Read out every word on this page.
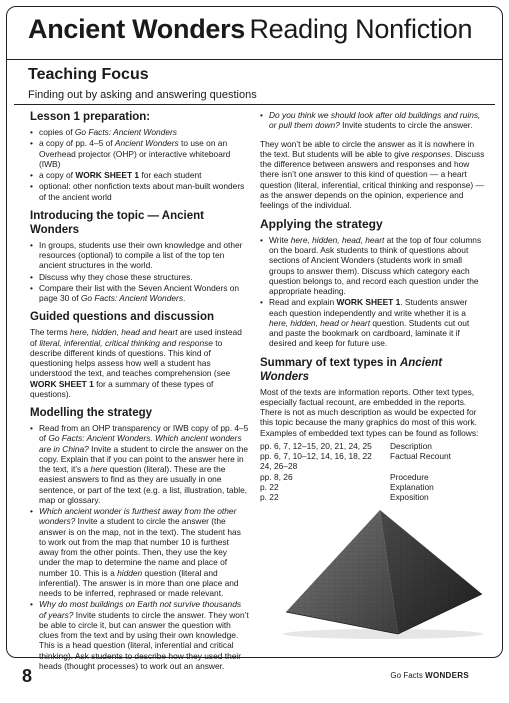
Ancient Wonders Reading Nonfiction
Teaching Focus
Finding out by asking and answering questions
Lesson 1 preparation:
• copies of Go Facts: Ancient Wonders
• a copy of pp. 4–5 of Ancient Wonders to use on an Overhead projector (OHP) or interactive whiteboard (IWB)
• a copy of WORK SHEET 1 for each student
• optional: other nonfiction texts about man-built wonders of the ancient world
Introducing the topic — Ancient Wonders
• In groups, students use their own knowledge and other resources (optional) to compile a list of the top ten ancient structures in the world.
• Discuss why they chose these structures.
• Compare their list with the Seven Ancient Wonders on page 30 of Go Facts: Ancient Wonders.
Guided questions and discussion

The terms here, hidden, head and heart are used instead of literal, inferential, critical thinking and response to describe different kinds of questions. This kind of questioning helps assess how well a student has understood the text, and teaches comprehension (see WORK SHEET 1 for a summary of these types of questions).

Modelling the strategy
• Read from an OHP transparency or IWB copy of pp. 4–5 of Go Facts: Ancient Wonders. Which ancient wonders are in China? Invite a student to circle the answer on the copy. Explain that if you can point to the answer here in the text, it’s a here question (literal). These are the easiest answers to find as they are usually in one sentence, or part of the text (e.g. a list, illustration, table, map or glossary.
• Which ancient wonder is furthest away from the other wonders? Invite a student to circle the answer (the answer is on the map, not in the text). The student has to work out from the map that number 10 is furthest away from the other points. Then, they use the key under the map to determine the name and place of number 10. This is a hidden question (literal and inferential). The answer is in more than one place and needs to be inferred, rephrased or made relevant.
• Why do most buildings on Earth not survive thousands of years? Invite students to circle the answer. They won’t be able to circle it, but can answer the question with clues from the text and by using their own knowledge. This is a head question (literal, inferential and critical thinking). Ask students to describe how they used their heads (thought processes) to work out an answer.
• Do you think we should look after old buildings and ruins, or pull them down? Invite students to circle the answer.

They won’t be able to circle the answer as it is nowhere in the text. But students will be able to give responses. Discuss the difference between answers and responses and how there isn’t one answer to this kind of question — a heart question (literal, inferential, critical thinking and response) — as the answer depends on the opinion, experience and feelings of the individual.

Applying the strategy
• Write here, hidden, head, heart at the top of four columns on the board. Ask students to think of questions about sections of Ancient Wonders (students work in small groups to answer them). Discuss which category each question belongs to, and record each question under the appropriate heading.
• Read and explain WORK SHEET 1. Students answer each question independently and write whether it is a here, hidden, head or heart question. Students cut out and paste the bookmark on cardboard, laminate it if desired and keep for future use.
Summary of text types in Ancient Wonders

Most of the texts are information reports. Other text types, especially factual recount, are embedded in the reports. There is not as much description as would be expected for this topic because the many graphics do most of this work. Examples of embedded text types can be found as follows:

pp. 6, 7, 12–15, 20, 21, 24, 25	Description
pp. 6, 7, 10–12, 14, 16, 18, 22	Factual Recount
24, 26–28	
pp. 8, 26	Procedure
p. 22	Explanation
p. 22	Exposition
8	Go Facts WONDERS
